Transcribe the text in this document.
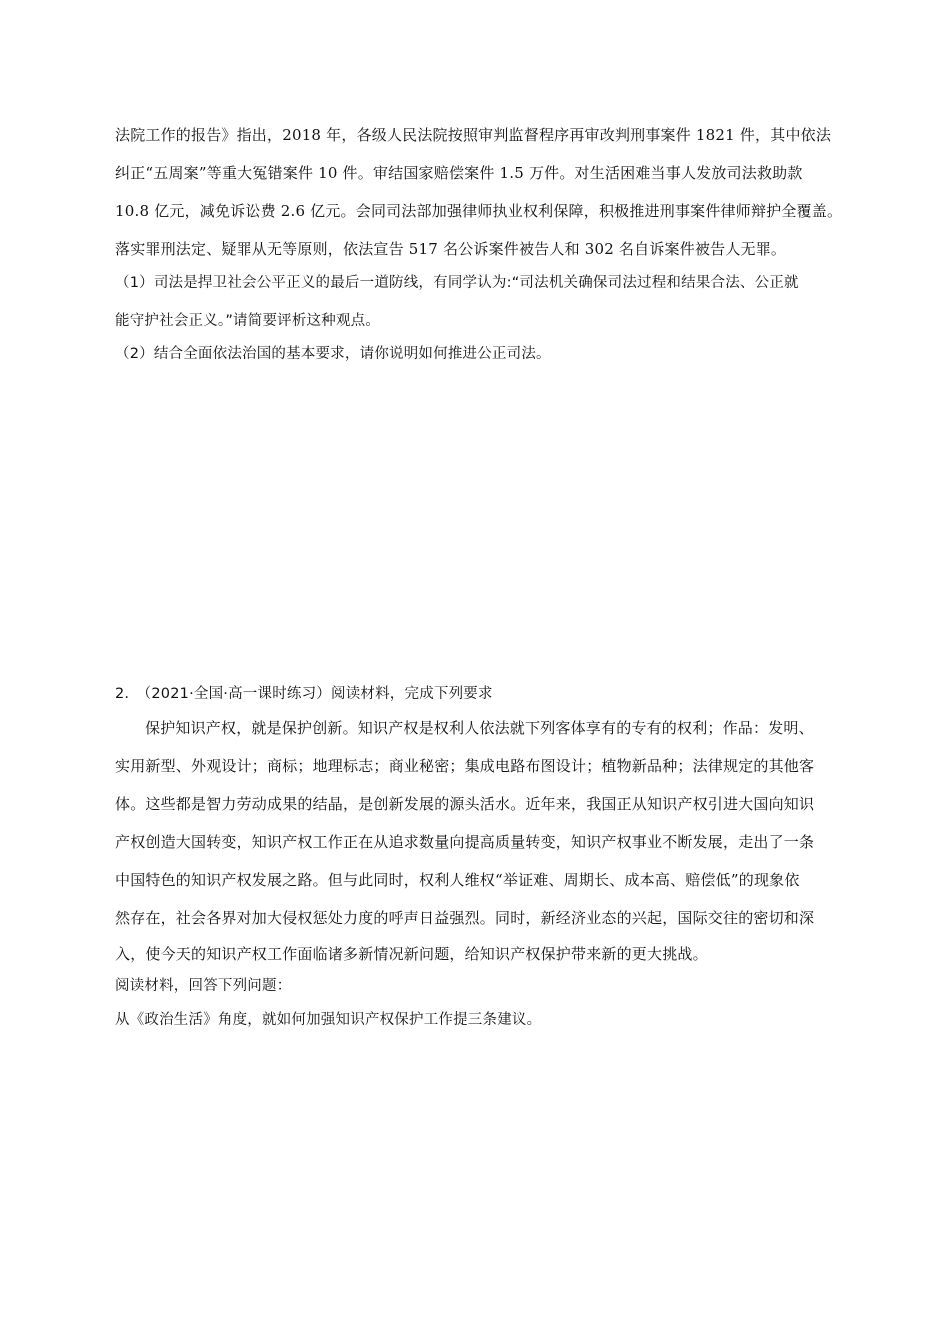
法院工作的报告》指出，2018 年，各级人民法院按照审判监督程序再审改判刑事案件 1821 件，其中依法
纠正“五周案”等重大冤错案件 10 件。审结国家赔偿案件 1.5 万件。对生活困难当事人发放司法救助款
10.8 亿元，减免诉讼费 2.6 亿元。会同司法部加强律师执业权利保障，积极推进刑事案件律师辩护全覆盖。
落实罪刑法定、疑罪从无等原则，依法宣告 517 名公诉案件被告人和 302 名自诉案件被告人无罪。
（1）司法是捍卫社会公平正义的最后一道防线，有同学认为:“司法机关确保司法过程和结果合法、公正就
能守护社会正义。”请简要评析这种观点。
（2）结合全面依法治国的基本要求，请你说明如何推进公正司法。
2.　（2021·全国·高一课时练习）阅读材料，完成下列要求
保护知识产权，就是保护创新。知识产权是权利人依法就下列客体享有的专有的权利；作品：发明、
实用新型、外观设计；商标；地理标志；商业秘密；集成电路布图设计；植物新品种；法律规定的其他客
体。这些都是智力劳动成果的结晶，是创新发展的源头活水。近年来，我国正从知识产权引进大国向知识
产权创造大国转变，知识产权工作正在从追求数量向提高质量转变，知识产权事业不断发展，走出了一条
中国特色的知识产权发展之路。但与此同时，权利人维权“举证难、周期长、成本高、赔偿低”的现象依
然存在，社会各界对加大侵权惩处力度的呼声日益强烈。同时，新经济业态的兴起，国际交往的密切和深
入，使今天的知识产权工作面临诸多新情况新问题，给知识产权保护带来新的更大挑战。
阅读材料，回答下列问题：
从《政治生活》角度，就如何加强知识产权保护工作提三条建议。
